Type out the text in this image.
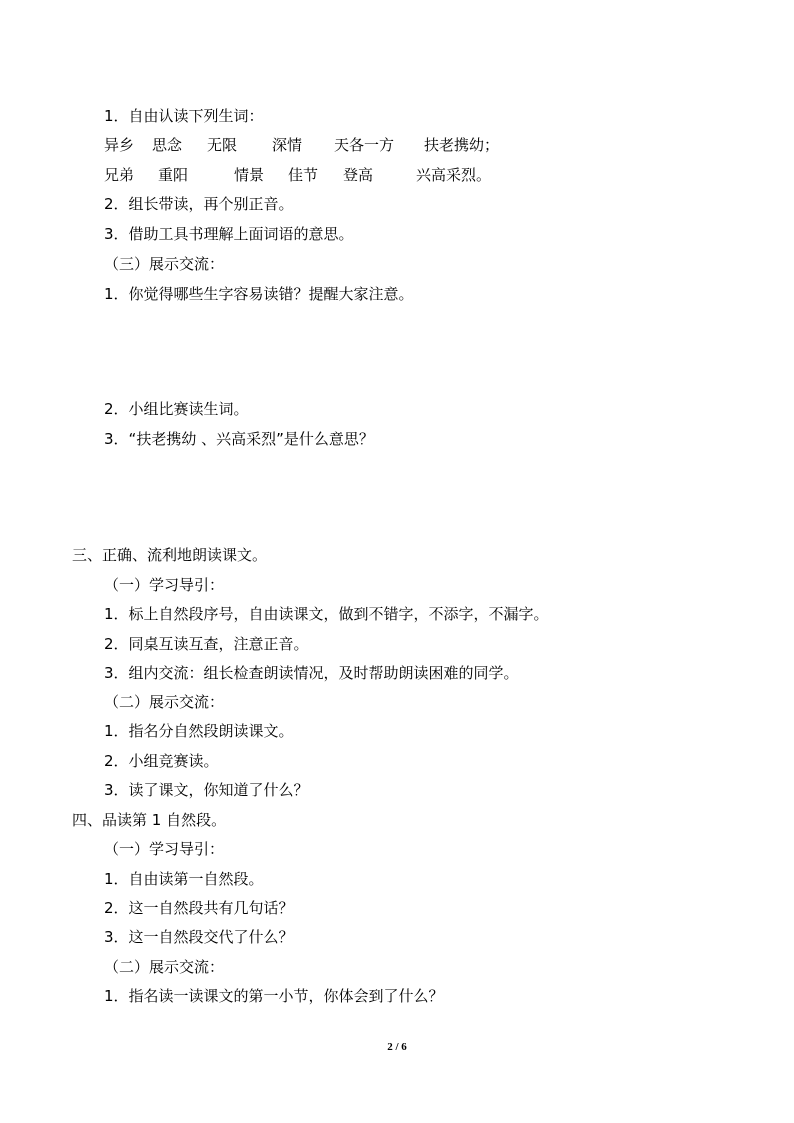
1．自由认读下列生词：
异乡 思念 无限 深情 天各一方 扶老携幼；
兄弟 重阳	情景 佳节 登高	兴高采烈。
2．组长带读，再个别正音。
3．借助工具书理解上面词语的意思。
（三）展示交流：
1．你觉得哪些生字容易读错？提醒大家注意。
2．小组比赛读生词。
3．“扶老携幼 、兴高采烈”是什么意思？
三、正确、流利地朗读课文。
（一）学习导引：
1．标上自然段序号，自由读课文，做到不错字，不添字，不漏字。
2．同桌互读互查，注意正音。
3．组内交流：组长检查朗读情况，及时帮助朗读困难的同学。
（二）展示交流：
1．指名分自然段朗读课文。
2．小组竞赛读。
3．读了课文，你知道了什么？
四、品读第 1 自然段。
（一）学习导引：
1．自由读第一自然段。
2．这一自然段共有几句话？
3．这一自然段交代了什么？
（二）展示交流：
1．指名读一读课文的第一小节，你体会到了什么？
2 / 6
